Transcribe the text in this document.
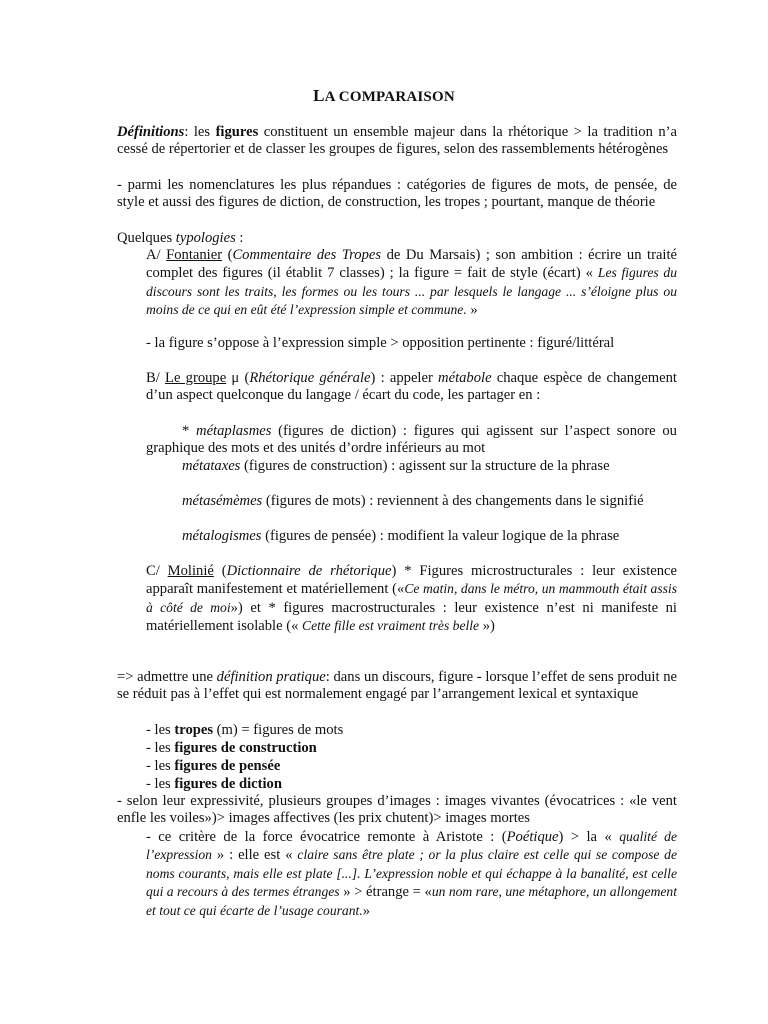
LA COMPARAISON
Définitions: les figures constituent un ensemble majeur dans la rhétorique > la tradition n’a cessé de répertorier et de classer les groupes de figures, selon des rassemblements hétérogènes
- parmi les nomenclatures les plus répandues : catégories de figures de mots, de pensée, de style et aussi des figures de diction, de construction, les tropes ; pourtant, manque de théorie
Quelques typologies :
A/ Fontanier (Commentaire des Tropes de Du Marsais) ; son ambition : écrire un traité complet des figures (il établit 7 classes) ; la figure = fait de style (écart) « Les figures du discours sont les traits, les formes ou les tours ... par lesquels le langage ... s’éloigne plus ou moins de ce qui en eût été l’expression simple et commune. »
- la figure s’oppose à l’expression simple > opposition pertinente : figuré/littéral
B/ Le groupe μ (Rhétorique générale) : appeler métabole chaque espèce de changement d’un aspect quelconque du langage / écart du code, les partager en :
* métaplasmes (figures de diction) : figures qui agissent sur l’aspect sonore ou graphique des mots et des unités d’ordre inférieurs au mot
métataxes (figures de construction) : agissent sur la structure de la phrase
métasémèmes (figures de mots) : reviennent à des changements dans le signifié
métalogismes (figures de pensée) : modifient la valeur logique de la phrase
C/ Molinié (Dictionnaire de rhétorique) * Figures microstructurales : leur existence apparaît manifestement et matériellement («Ce matin, dans le métro, un mammouth était assis à côté de moi») et * figures macrostructurales : leur existence n’est ni manifeste ni matériellement isolable (« Cette fille est vraiment très belle »)
=> admettre une définition pratique: dans un discours, figure - lorsque l’effet de sens produit ne se réduit pas à l’effet qui est normalement engagé par l’arrangement lexical et syntaxique
- les tropes (m) = figures de mots
- les figures de construction
- les figures de pensée
- les figures de diction
- selon leur expressivité, plusieurs groupes d’images : images vivantes (évocatrices : «le vent enfle les voiles»)> images affectives (les prix chutent)> images mortes
- ce critère de la force évocatrice remonte à Aristote : (Poétique) > la « qualité de l’expression » : elle est « claire sans être plate ; or la plus claire est celle qui se compose de noms courants, mais elle est plate [...]. L’expression noble et qui échappe à la banalité, est celle qui a recours à des termes étranges » > étrange = «un nom rare, une métaphore, un allongement et tout ce qui écarte de l’usage courant.»
